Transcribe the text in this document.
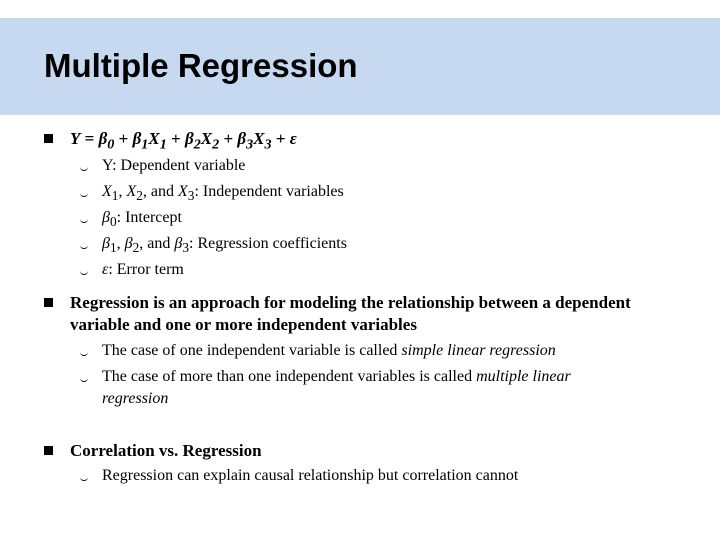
Multiple Regression
$Y = \beta_0 + \beta_1X_1 + \beta_2X_2 + \beta_3X_3 + \varepsilon$
Y: Dependent variable
$X_1$, $X_2$, and $X_3$: Independent variables
$\beta_0$: Intercept
$\beta_1$, $\beta_2$, and $\beta_3$: Regression coefficients
ε: Error term
Regression is an approach for modeling the relationship between a dependent
variable and one or more independent variables
The case of one independent variable is called simple linear regression
The case of more than one independent variables is called multiple linear
regression
Correlation vs. Regression
Regression can explain causal relationship but correlation cannot
